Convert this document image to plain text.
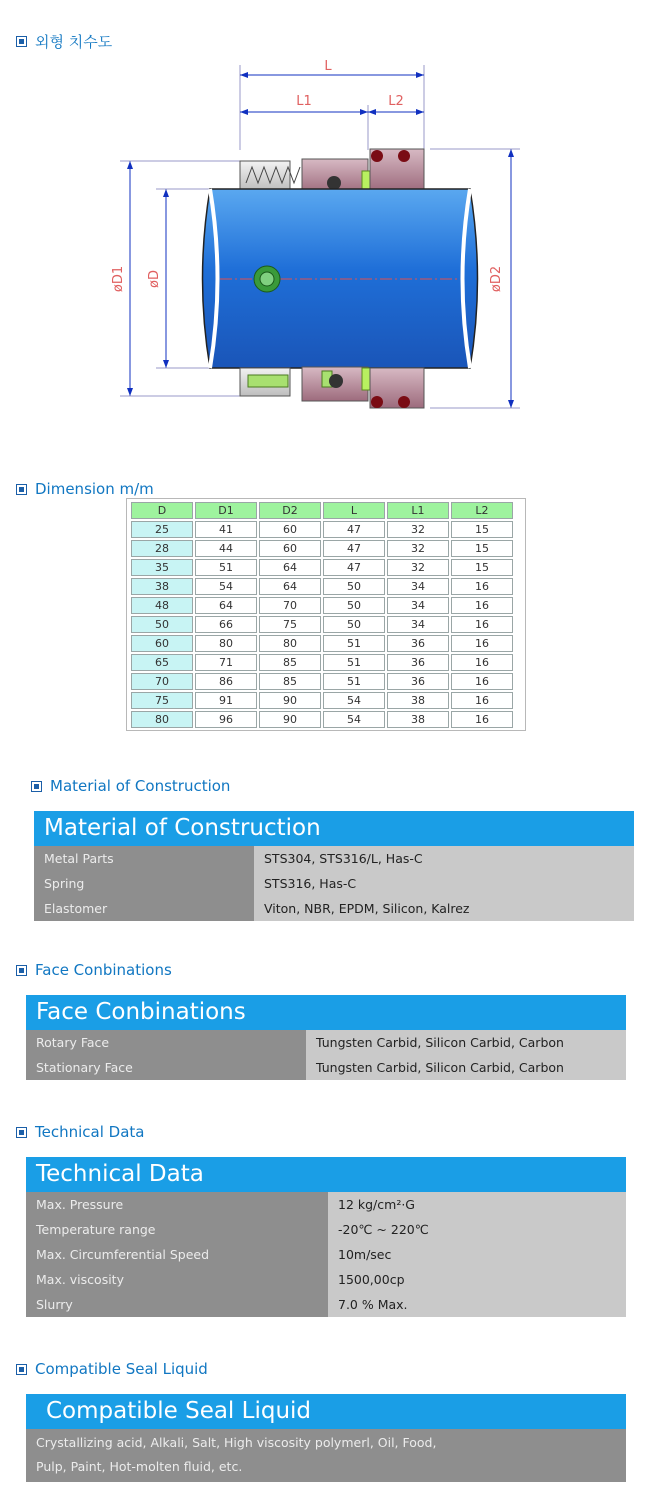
외형 치수도
L
L1	L2
øD1 øD	øD2
Dimension m/m
D	D1	D2	L	L1	L2
25	41	60	47	32	15
28	44	60	47	32	15
35	51	64	47	32	15
38	54	64	50	34	16
48	64	70	50	34	16
50	66	75	50	34	16
60	80	80	51	36	16
65	71	85	51	36	16
70	86	85	51	36	16
75	91	90	54	38	16
80	96	90	54	38	16
Material of Construction
Material of Construction
Metal Parts	STS304, STS316/L, Has-C
Spring	STS316, Has-C
Elastomer	Viton, NBR, EPDM, Silicon, Kalrez
Face Conbinations
Face Conbinations
Rotary Face	Tungsten Carbid, Silicon Carbid, Carbon
Stationary Face	Tungsten Carbid, Silicon Carbid, Carbon
Technical Data
Technical Data
Max. Pressure	12 kg/cm²·G
Temperature range	-20℃ ~ 220℃
Max. Circumferential Speed	10m/sec
Max. viscosity	1500,00cp
Slurry	7.0 % Max.
Compatible Seal Liquid
Compatible Seal Liquid
Crystallizing acid, Alkali, Salt, High viscosity polymerl, Oil, Food,
Pulp, Paint, Hot-molten fluid, etc.
